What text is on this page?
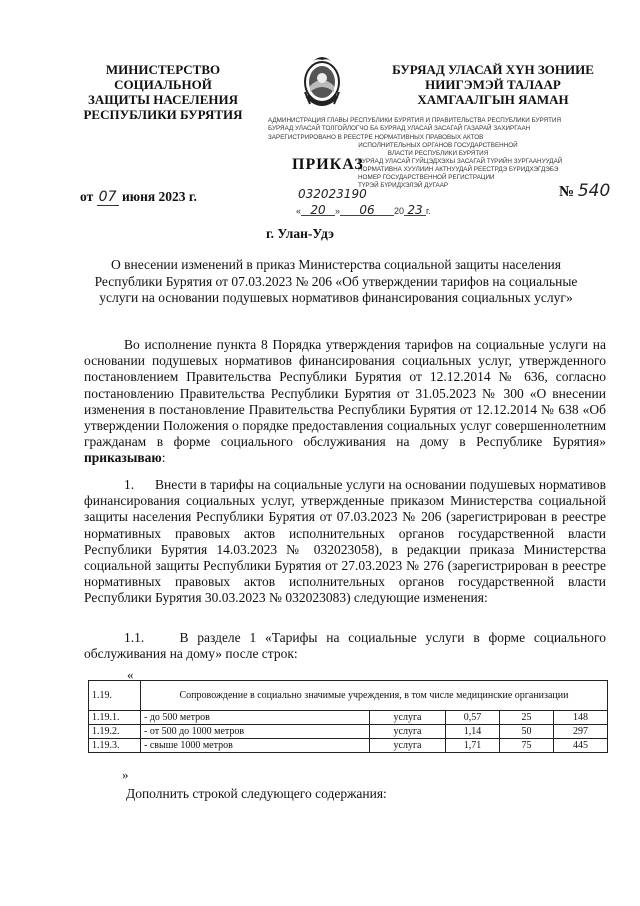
МИНИСТЕРСТВО СОЦИАЛЬНОЙ
ЗАЩИТЫ НАСЕЛЕНИЯ
РЕСПУБЛИКИ БУРЯТИЯ
БУРЯАД УЛАСАЙ ХҮН ЗОНИИЕ
НИИГЭМЭЙ ТАЛААР
ХАМГААЛГЫН ЯАМАН
АДМИНИСТРАЦИЯ ГЛАВЫ РЕСПУБЛИКИ БУРЯТИЯ И ПРАВИТЕЛЬСТВА РЕСПУБЛИКИ БУРЯТИЯ
БУРЯАД УЛАСАЙ ТОЛГОЙЛОГЧО БА БУРЯАД УЛАСАЙ ЗАСАГАЙ ГАЗАРАЙ ЗАХИРГААН
ЗАРЕГИСТРИРОВАНО В РЕЕСТРЕ НОРМАТИВНЫХ ПРАВОВЫХ АКТОВ
ИСПОЛНИТЕЛЬНЫХ ОРГАНОВ ГОСУДАРСТВЕННОЙ
ВЛАСТИ РЕСПУБЛИКИ БУРЯТИЯ
БУРЯАД УЛАСАЙ ГУЙЦЭДХЭХЫ ЗАСАГАЙ ТҮРИЙН ЗУРГААНУУДАЙ
НОРМАТИВНА ХУУЛИИН АКТНУУДАЙ РЕЕСТРДЭ БҮРИДХЭГДЭБЭ
НОМЕР ГОСУДАРСТВЕННОЙ РЕГИСТРАЦИИ
ТҮРЭЙ БҮРИДХЭЛЭЙ ДУГААР
032023190
« 20 » 06 20 23 г.
ПРИКАЗ
от 07 июня 2023 г.	№ 540
г. Улан-Удэ
О внесении изменений в приказ Министерства социальной защиты населения Республики Бурятия от 07.03.2023 № 206 «Об утверждении тарифов на социальные услуги на основании подушевых нормативов финансирования социальных услуг»
Во исполнение пункта 8 Порядка утверждения тарифов на социальные услуги на основании подушевых нормативов финансирования социальных услуг, утвержденного постановлением Правительства Республики Бурятия от 12.12.2014 № 636, согласно постановлению Правительства Республики Бурятия от 31.05.2023 № 300 «О внесении изменения в постановление Правительства Республики Бурятия от 12.12.2014 № 638 «Об утверждении Положения о порядке предоставления социальных услуг совершеннолетним гражданам в форме социального обслуживания на дому в Республике Бурятия» приказываю:
1. Внести в тарифы на социальные услуги на основании подушевых нормативов финансирования социальных услуг, утвержденные приказом Министерства социальной защиты населения Республики Бурятия от 07.03.2023 № 206 (зарегистрирован в реестре нормативных правовых актов исполнительных органов государственной власти Республики Бурятия 14.03.2023 № 032023058), в редакции приказа Министерства социальной защиты Республики Бурятия от 27.03.2023 № 276 (зарегистрирован в реестре нормативных правовых актов исполнительных органов государственной власти Республики Бурятия 30.03.2023 № 032023083) следующие изменения:
1.1.	В разделе 1 «Тарифы на социальные услуги в форме социального обслуживания на дому» после строк:
«
1.19.	Сопровождение в социально значимые учреждения, в том числе медицинские организации				
1.19.1.	- до 500 метров	услуга	0,57	25	148
1.19.2.	- от 500 до 1000 метров	услуга	1,14	50	297
1.19.3.	- свыше 1000 метров	услуга	1,71	75	445
»
Дополнить строкой следующего содержания:
